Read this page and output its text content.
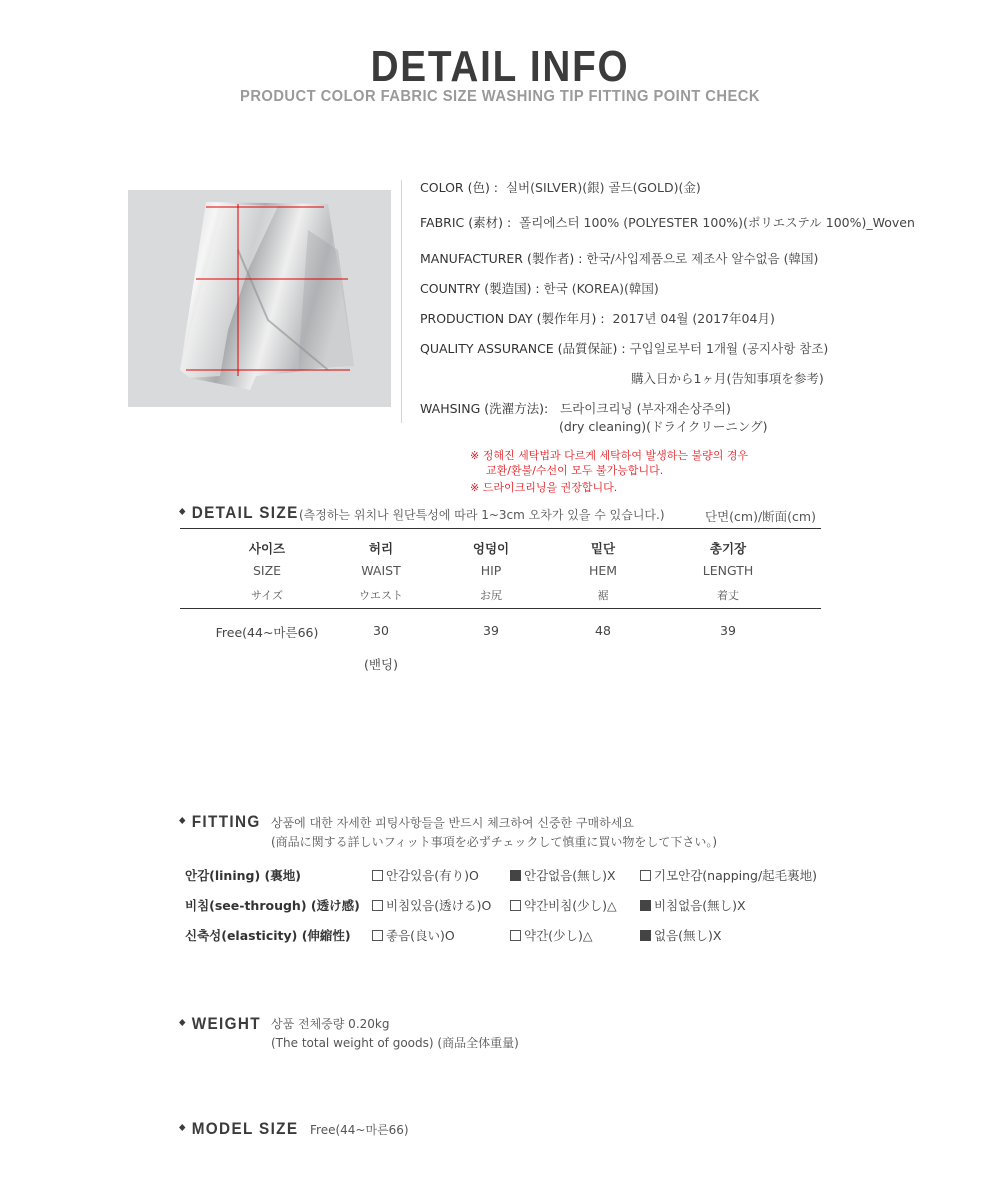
DETAIL INFO
PRODUCT COLOR FABRIC SIZE WASHING TIP FITTING POINT CHECK
COLOR (色) : 실버(SILVER)(銀) 골드(GOLD)(金)
FABRIC (素材) : 폴리에스터 100% (POLYESTER 100%)(ポリエステル 100%)_Woven
MANUFACTURER (製作者) : 한국/사입제품으로 제조사 알수없음 (韓国)
COUNTRY (製造国) : 한국 (KOREA)(韓国)
PRODUCTION DAY (製作年月) : 2017년 04월 (2017年04月)
QUALITY ASSURANCE (品質保証) : 구입일로부터 1개월 (공지사항 참조)
購入日から1ヶ月(告知事項を参考)
WAHSING (洗濯方法): 드라이크리닝 (부자재손상주의)
(dry cleaning)(ドライクリーニング)
※ 정해진 세탁법과 다르게 세탁하여 발생하는 불량의 경우
교환/환불/수선이 모두 불가능합니다.
※ 드라이크리닝을 권장합니다.
DETAIL SIZE (측정하는 위치나 원단특성에 따라 1~3cm 오차가 있을 수 있습니다.)	단면(cm)/断面(cm)
사이즈	허리	엉덩이	밑단	총기장
SIZE	WAIST	HIP	HEM	LENGTH
サイズ	ウエスト	お尻	裾	着丈
Free(44~마른66)	30	39	48	39
(밴딩)
FITTING 상품에 대한 자세한 피팅사항들을 반드시 체크하여 신중한 구매하세요
(商品に関する詳しいフィット事項を必ずチェックして慎重に買い物をして下さい。)
안감(lining) (裏地)	안감있음(有り)O	안감없음(無し)X	기모안감(napping/起毛裏地)
비침(see-through) (透け感)	비침있음(透ける)O	약간비침(少し)△	비침없음(無し)X
신축성(elasticity) (伸縮性)	좋음(良い)O	약간(少し)△	없음(無し)X
WEIGHT 상품 전체중량 0.20kg
(The total weight of goods) (商品全体重量)
MODEL SIZE Free(44~마른66)
